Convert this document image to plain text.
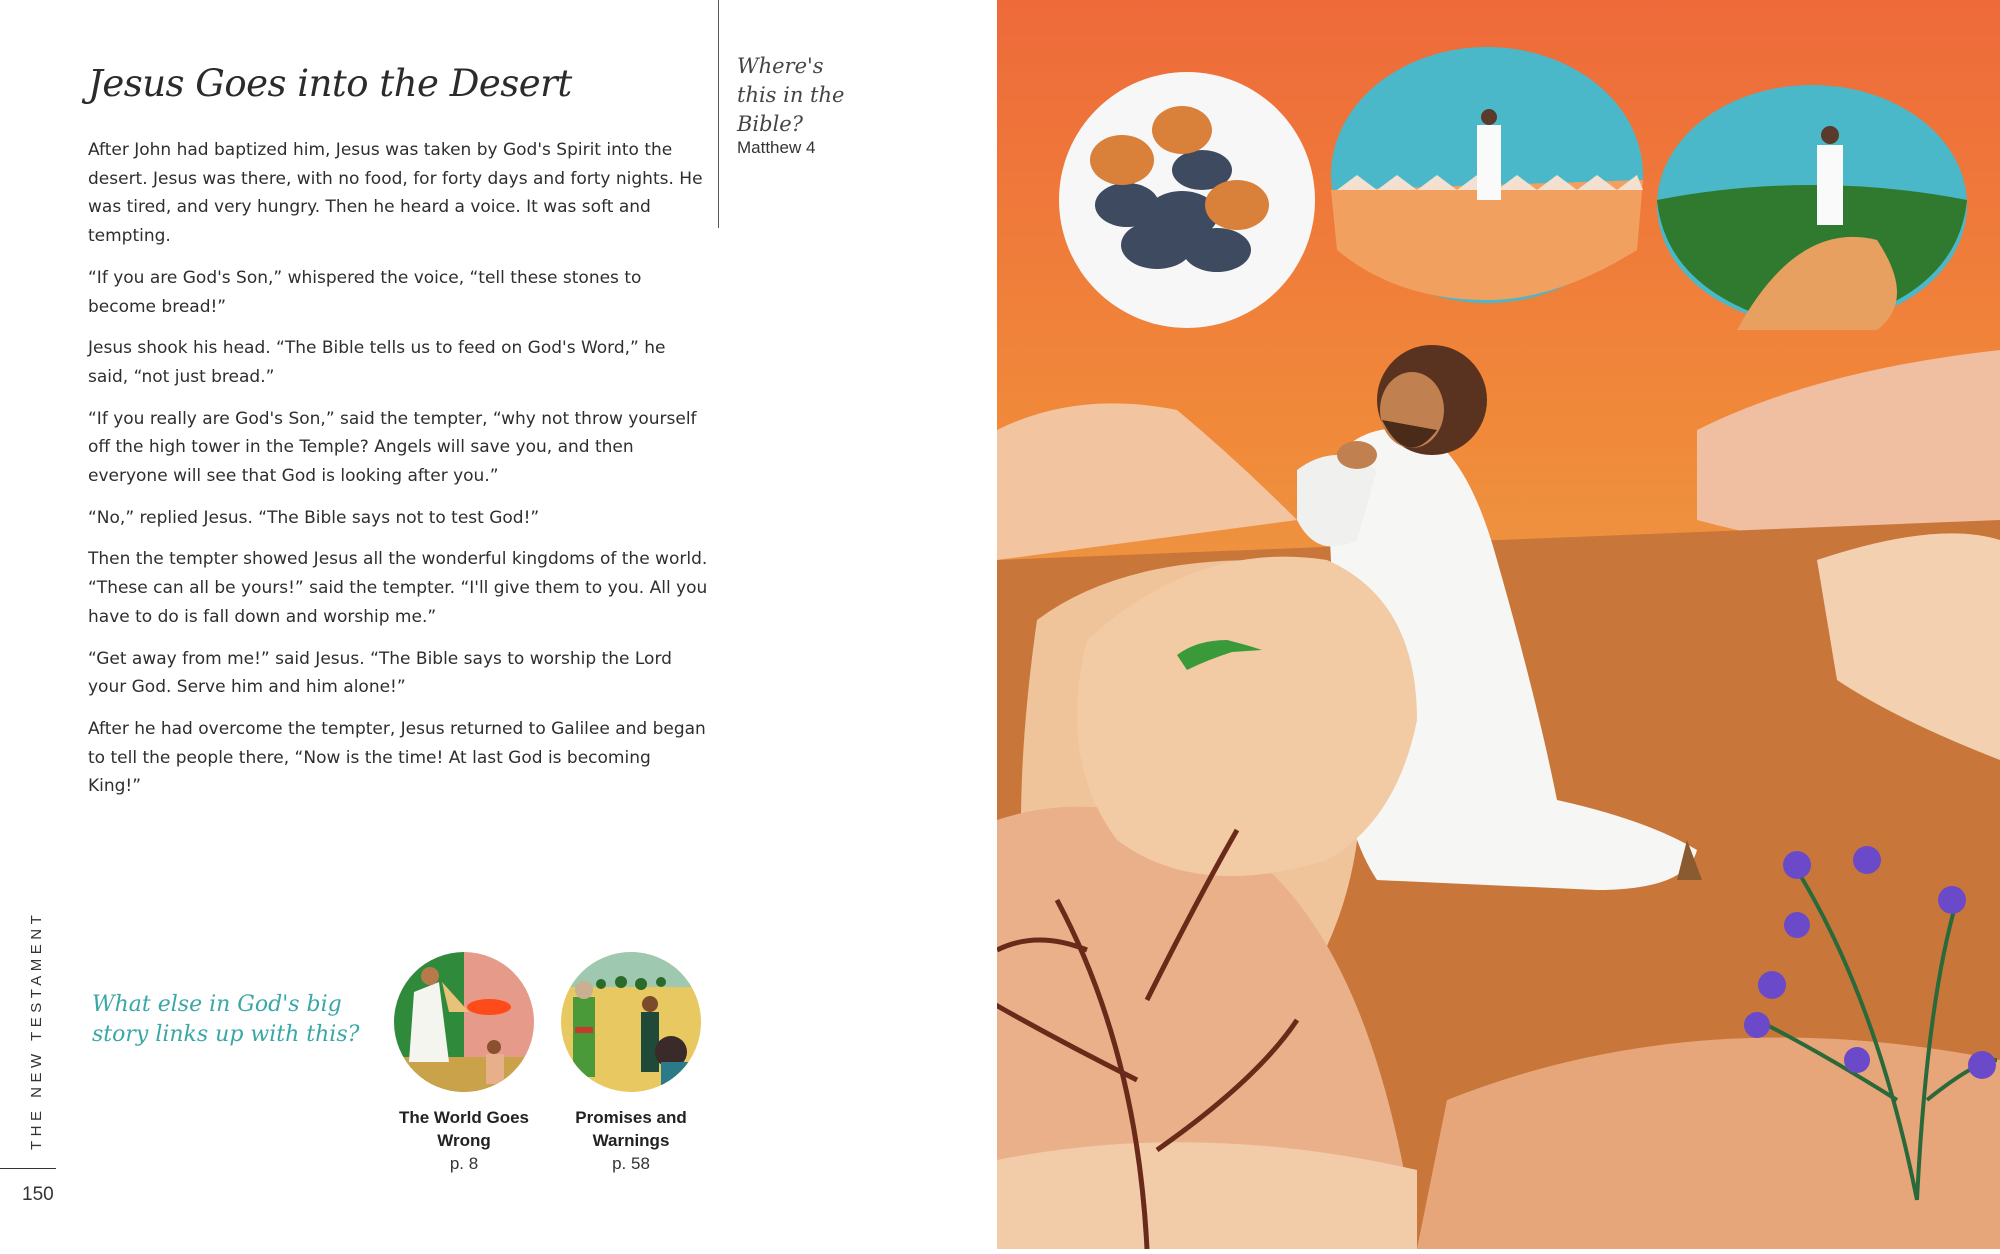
Jesus Goes into the Desert

After John had baptized him, Jesus was taken by God's Spirit into the desert. Jesus was there, with no food, for forty days and forty nights. He was tired, and very hungry. Then he heard a voice. It was soft and tempting.

“If you are God's Son,” whispered the voice, “tell these stones to become bread!”

Jesus shook his head. “The Bible tells us to feed on God's Word,” he said, “not just bread.”

“If you really are God's Son,” said the tempter, “why not throw yourself off the high tower in the Temple? Angels will save you, and then everyone will see that God is looking after you.”

“No,” replied Jesus. “The Bible says not to test God!”

Then the tempter showed Jesus all the wonderful kingdoms of the world. “These can all be yours!” said the tempter. “I'll give them to you. All you have to do is fall down and worship me.”

“Get away from me!” said Jesus. “The Bible says to worship the Lord your God. Serve him and him alone!”

After he had overcome the tempter, Jesus returned to Galilee and began to tell the people there, “Now is the time! At last God is becoming King!”

Where's this in the Bible?
Matthew 4
What else in God's big story links up with this?
The World Goes Wrong
p. 8
Promises and Warnings
p. 58
THE NEW TESTAMENT
150
